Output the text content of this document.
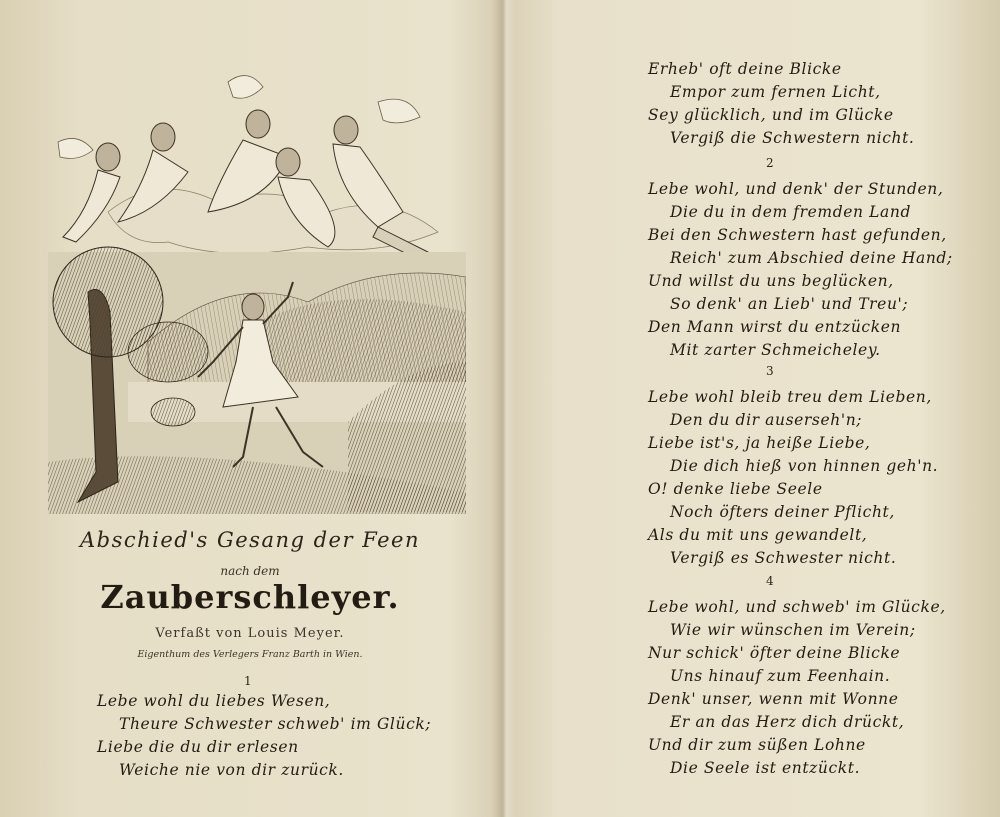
Abschied's Gesang der Feen
nach dem
Zauberschleyer.
Verfaßt von Louis Meyer.
Eigenthum des Verlegers Franz Barth in Wien.
1
Lebe wohl du liebes Wesen,
Theure Schwester schweb' im Glück;
Liebe die du dir erlesen
Weiche nie von dir zurück.
Erheb' oft deine Blicke
Empor zum fernen Licht,
Sey glücklich, und im Glücke
Vergiß die Schwestern nicht.
2
Lebe wohl, und denk' der Stunden,
Die du in dem fremden Land
Bei den Schwestern hast gefunden,
Reich' zum Abschied deine Hand;
Und willst du uns beglücken,
So denk' an Lieb' und Treu';
Den Mann wirst du entzücken
Mit zarter Schmeicheley.
3
Lebe wohl bleib treu dem Lieben,
Den du dir auserseh'n;
Liebe ist's, ja heiße Liebe,
Die dich hieß von hinnen geh'n.
O! denke liebe Seele
Noch öfters deiner Pflicht,
Als du mit uns gewandelt,
Vergiß es Schwester nicht.
4
Lebe wohl, und schweb' im Glücke,
Wie wir wünschen im Verein;
Nur schick' öfter deine Blicke
Uns hinauf zum Feenhain.
Denk' unser, wenn mit Wonne
Er an das Herz dich drückt,
Und dir zum süßen Lohne
Die Seele ist entzückt.
